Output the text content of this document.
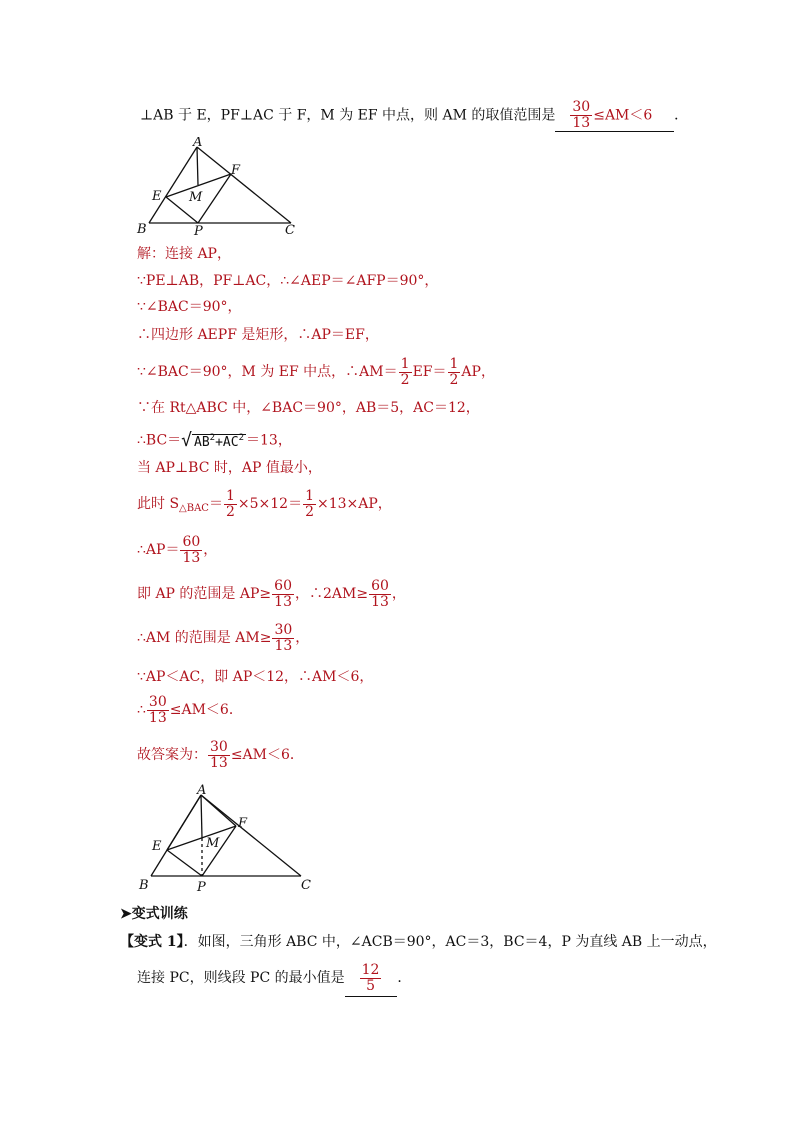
⊥AB 于 E，PF⊥AC 于 F，M 为 EF 中点，则 AM 的取值范围是 $\frac{30}{13} \le AM<6$ ．
A
F
E M
B	P	C
解：连接 AP，
∵PE⊥AB，PF⊥AC，∴∠AEP＝∠AFP＝90°，
∵∠BAC＝90°，
∴四边形 AEPF 是矩形，∴AP＝EF，
∵∠BAC＝90°，M 为 EF 中点，∴AM＝ $\frac{1}{2} EF= \frac{1}{2}$ AP，
∵在 Rt△ABC 中，∠BAC＝90°，AB＝5，AC＝12，
∴BC＝√ $AB^2+AC^2 =13$，
当 AP⊥BC 时，AP 值最小，
此时 $S_{\triangle BAC}= \frac{1}{2} \times 5\times 12= \frac{1}{2} \times 13\times AP$，
∴AP＝ $\frac{60}{13}$ ，
即 AP 的范围是 $AP\ge \frac{60}{13}$ ，∴2AM≥ $\frac{60}{13}$ ，
∴AM 的范围是 $AM\ge \frac{30}{13}$ ，
∵AP＜AC，即 AP＜12，∴AM＜6，
∴ $\frac{30}{13} \le AM<6$．
故答案为： $\frac{30}{13} \le AM<6$．
A
F
E	M
B	P	C
➤变式训练
【变式 1】．如图，三角形 ABC 中，∠ACB＝90°，AC＝3，BC＝4，P 为直线 AB 上一动点，
连接 PC，则线段 PC 的最小值是 $\frac{12}{5}$ ．
